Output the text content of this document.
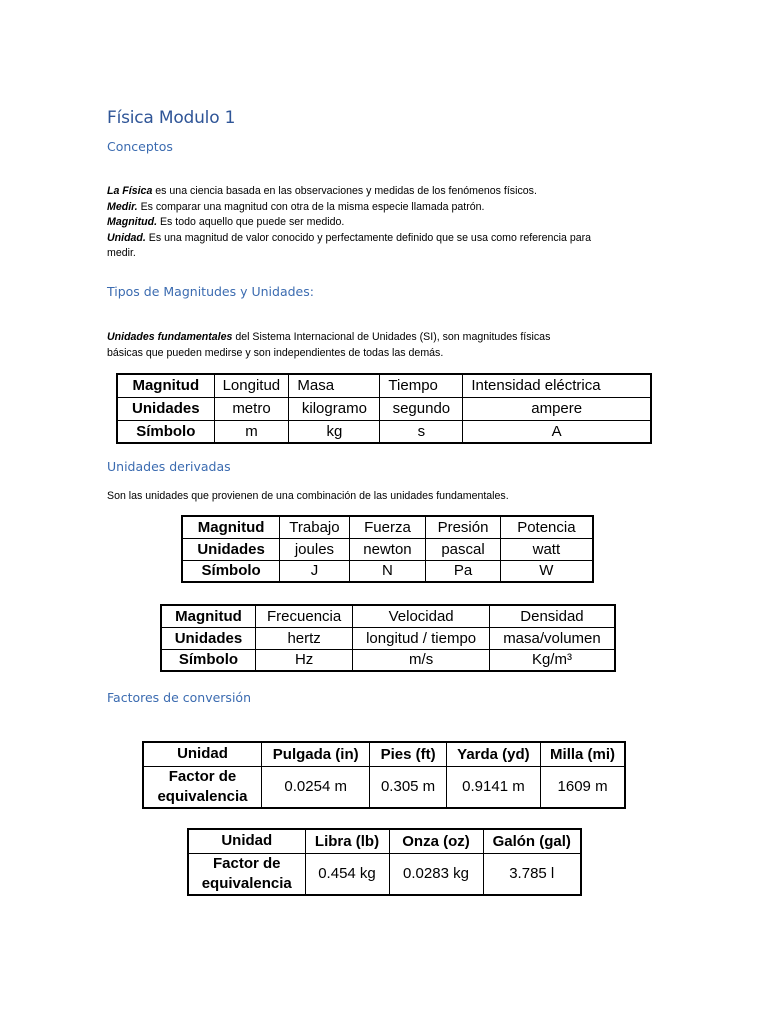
Física Modulo 1
Conceptos

La Física es una ciencia basada en las observaciones y medidas de los fenómenos físicos.

Medir. Es comparar una magnitud con otra de la misma especie llamada patrón.

Magnitud. Es todo aquello que puede ser medido.

Unidad. Es una magnitud de valor conocido y perfectamente definido que se usa como referencia para medir.

Tipos de Magnitudes y Unidades:

Unidades fundamentales del Sistema Internacional de Unidades (SI), son magnitudes físicas básicas que pueden medirse y son independientes de todas las demás.

Magnitud	Longitud	Masa	Tiempo	Intensidad eléctrica
Unidades	metro	kilogramo	segundo	ampere
Símbolo	m	kg	s	A
Unidades derivadas

Son las unidades que provienen de una combinación de las unidades fundamentales.

Magnitud	Trabajo	Fuerza	Presión	Potencia
Unidades	joules	newton	pascal	watt
Símbolo	J	N	Pa	W
Magnitud	Frecuencia	Velocidad	Densidad
Unidades	hertz	longitud / tiempo	masa/volumen
Símbolo	Hz	m/s	Kg/m³
Factores de conversión
Unidad	Pulgada (in)	Pies (ft)	Yarda (yd)	Milla (mi)
Factor de equivalencia	0.0254 m	0.305 m	0.9141 m	1609 m
Unidad	Libra (lb)	Onza (oz)	Galón (gal)
Factor de equivalencia	0.454 kg	0.0283 kg	3.785 l
